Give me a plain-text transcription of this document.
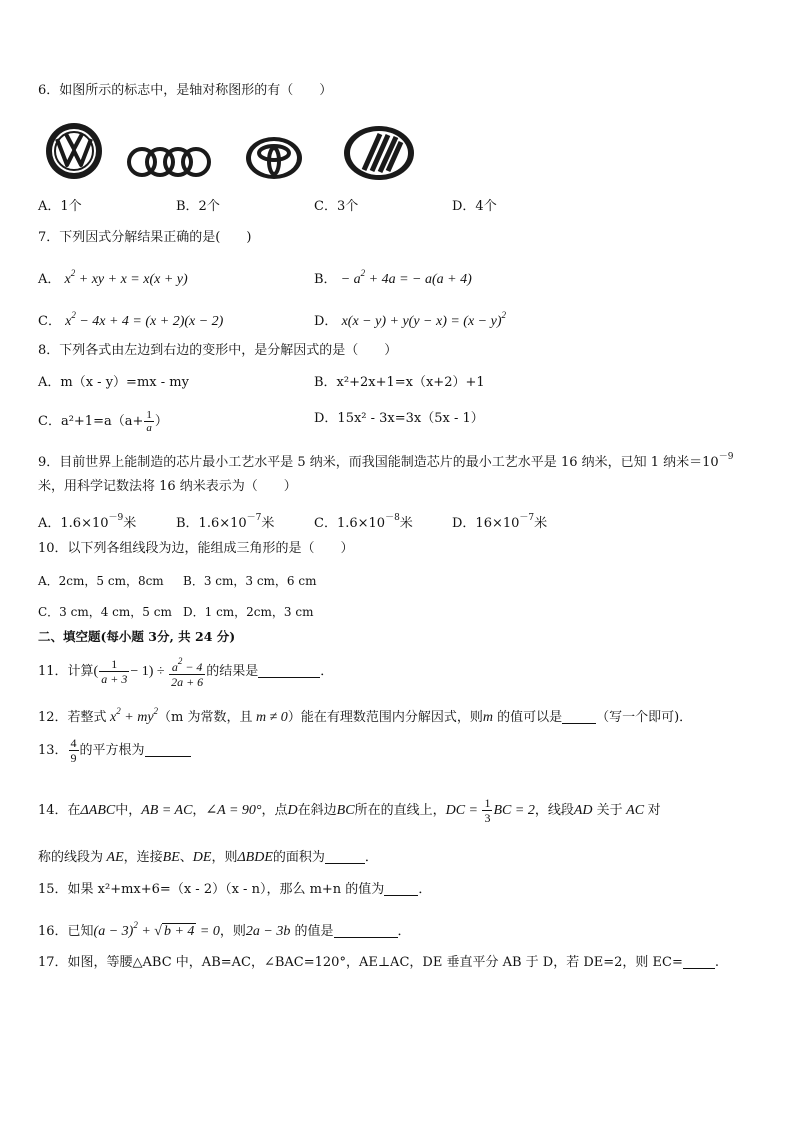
6．如图所示的标志中，是轴对称图形的有（　　）
A．1个	B．2个	C．3个	D．4个
7．下列因式分解结果正确的是(　　)
A． $x^2$ + xy + x = x(x + y)	B． − $a^2 + 4a$ = − a(a + 4)
C． $x^2 - 4x + 4 = (x + 2)(x - 2)$	D． $x(x - y) + y(y - x) = (x - y)^2$
8．下列各式由左边到右边的变形中，是分解因式的是（　　）
A．m（x - y）=mx - my	B．x²+2x+1=x（x+2）+1
C．$a^2+1=a(a+ \frac{1}{a}$ ）	D．15x² - 3x=3x（5x - 1）
9．目前世界上能制造的芯片最小工艺水平是 5 纳米，而我国能制造芯片的最小工艺水平是 16 纳米，已知 1 纳米$=10^{-9}$
米，用科学记数法将 16 纳米表示为（　　）
A．$1.6\times 10^{-9}$米	B．$1.6\times 10^{-7}$米	C．$1.6\times 10^{-8}$米	D．$16\times 10^{-7}$米
10．以下列各组线段为边，能组成三角形的是（　　）
A．2cm，5 cm，8cm B．3 cm，3 cm，6 cm
C．3 cm，4 cm，5 cm D．1 cm，2cm，3 cm
二、填空题(每小题 3分, 共 24 分)
11．计算( $\frac{1}{a + 3} - 1) \div \frac{a^2 - 4}{2a + 6}$ 的结果是	．
12．若整式 $x^2 + my^2(m$ 为常数，且 m ≠ 0）能在有理数范围内分解因式，则m 的值可以是	（写一个即可)．
13． $\frac{4}{9}$ 的平方根为
14．在ΔABC中，AB = AC，∠A = 90°，点D在斜边BC所在的直线上，DC = $\frac{1}{3}$ BC = 2，线段AD 关于 AC 对
称的线段为 AE，连接BE、DE，则ΔBDE的面积为	．
15．如果 x²+mx+6=（x - 2）（x - n），那么 m+n 的值为	．
16．已知$(a - 3)^2$ + √ b + 4 = 0，则2a − 3b 的值是	．
17．如图，等腰△ABC 中，AB=AC，∠BAC=120°，AE⊥AC，DE 垂直平分 AB 于 D，若 DE=2，则 EC= .
